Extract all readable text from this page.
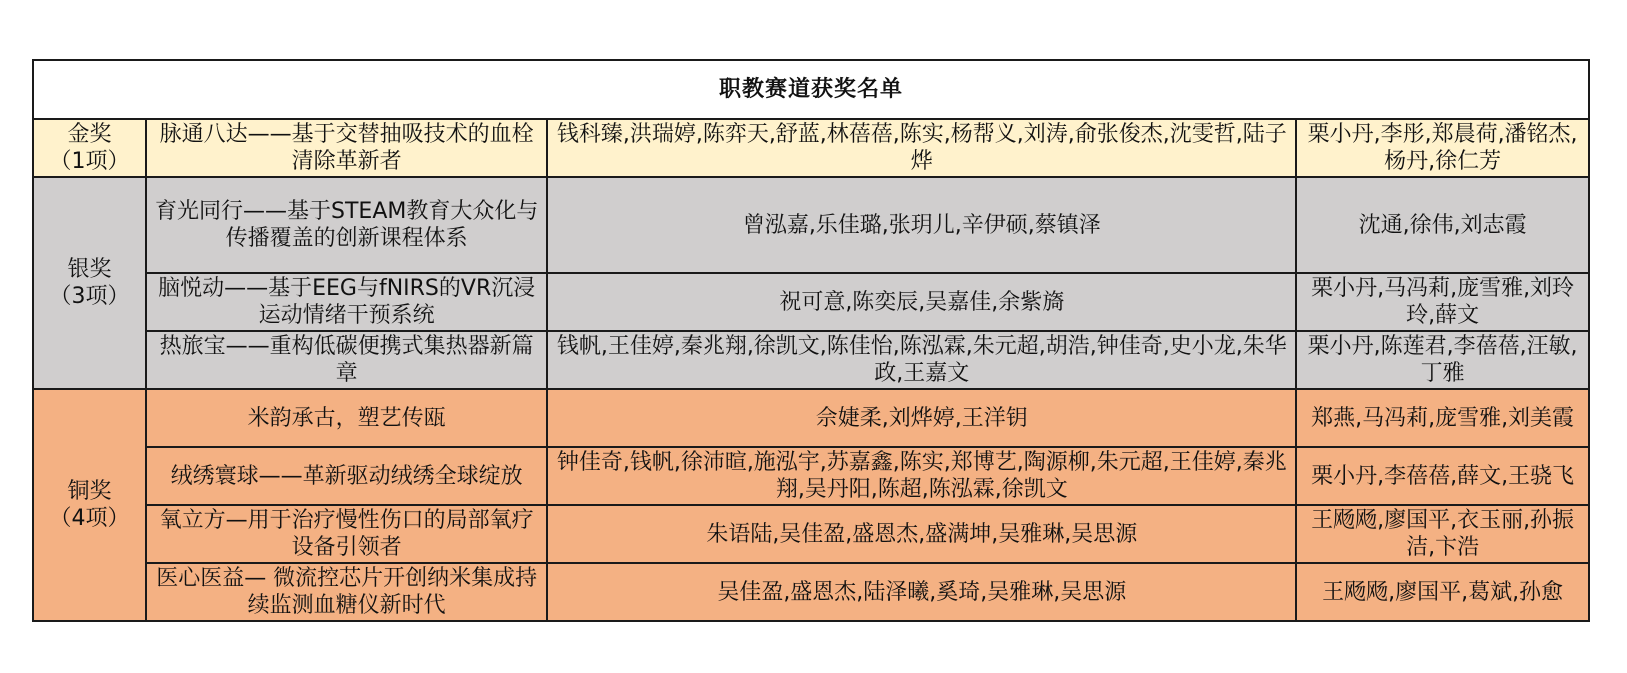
职教赛道获奖名单			
金奖
（1项）	脉通八达——基于交替抽吸技术的血栓清除革新者	钱科臻,洪瑞婷,陈弈天,舒蓝,林蓓蓓,陈实,杨帮义,刘涛,俞张俊杰,沈雯哲,陆子烨	栗小丹,李彤,郑晨荷,潘铭杰,杨丹,徐仁芳
银奖
（3项）	育光同行——基于STEAM教育大众化与传播覆盖的创新课程体系	曾泓嘉,乐佳璐,张玥儿,辛伊硕,蔡镇泽	沈通,徐伟,刘志霞
	脑悦动——基于EEG与fNIRS的VR沉浸运动情绪干预系统	祝可意,陈奕辰,吴嘉佳,余紫旖	栗小丹,马冯莉,庞雪雅,刘玲玲,薛文
	热旅宝——重构低碳便携式集热器新篇章	钱帆,王佳婷,秦兆翔,徐凯文,陈佳怡,陈泓霖,朱元超,胡浩,钟佳奇,史小龙,朱华政,王嘉文	栗小丹,陈莲君,李蓓蓓,汪敏,丁雅
铜奖
（4项）	米韵承古，塑艺传瓯	佘婕柔,刘烨婷,王洋钥	郑燕,马冯莉,庞雪雅,刘美霞
	绒绣寰球——革新驱动绒绣全球绽放	钟佳奇,钱帆,徐沛暄,施泓宇,苏嘉鑫,陈实,郑博艺,陶源柳,朱元超,王佳婷,秦兆翔,吴丹阳,陈超,陈泓霖,徐凯文	栗小丹,李蓓蓓,薛文,王骁飞
	氧立方—用于治疗慢性伤口的局部氧疗设备引领者	朱语陆,吴佳盈,盛恩杰,盛满坤,吴雅琳,吴思源	王飏飏,廖国平,衣玉丽,孙振洁,卞浩
	医心医益— 微流控芯片开创纳米集成持续监测血糖仪新时代	吴佳盈,盛恩杰,陆泽曦,奚琦,吴雅琳,吴思源	王飏飏,廖国平,葛斌,孙愈
